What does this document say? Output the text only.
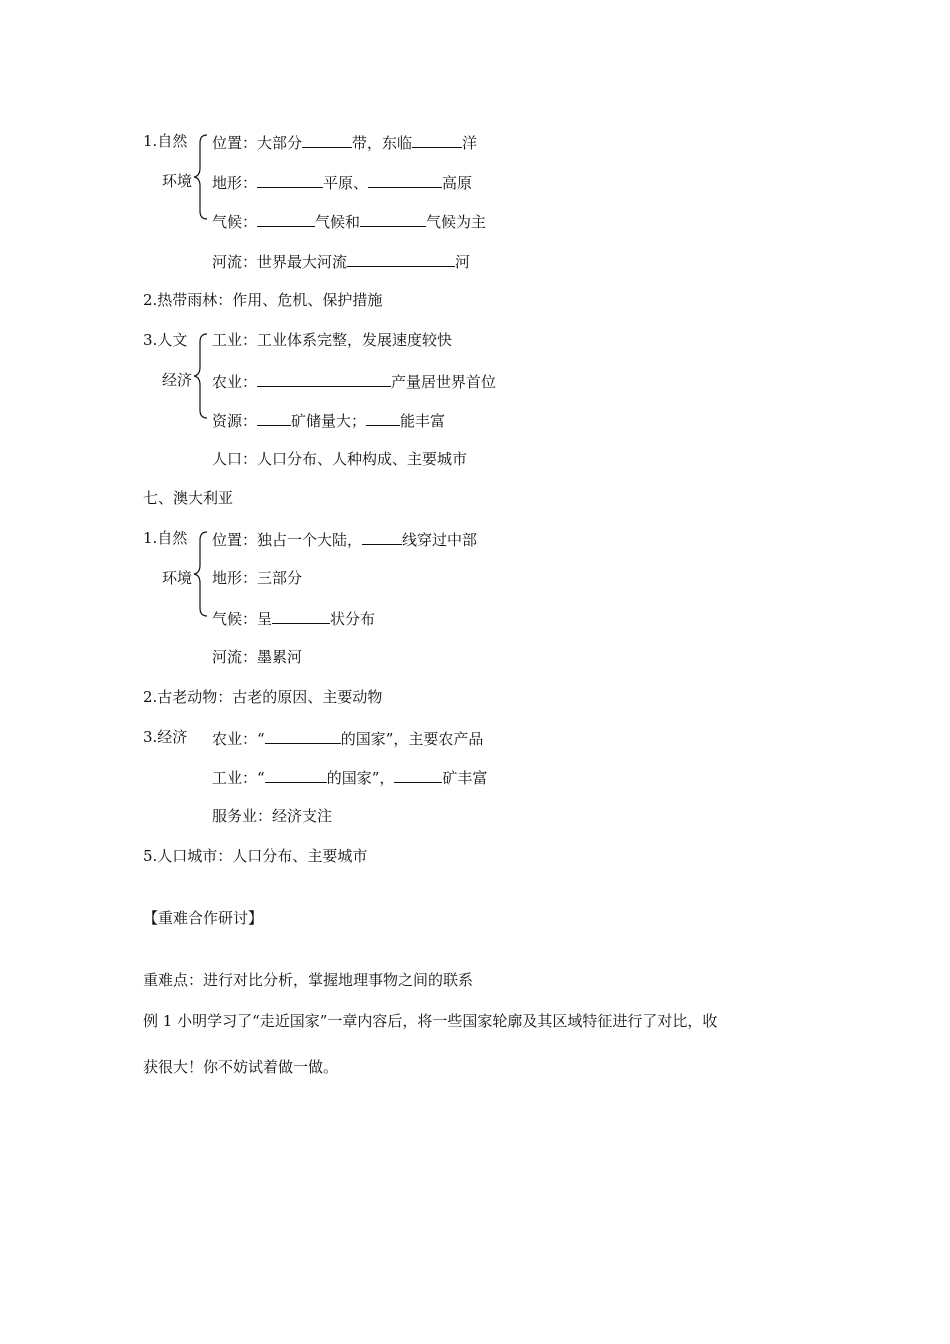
1.自然
环境
位置：大部分	带，东临	洋
地形：	平原、	高原
气候：	气候和	气候为主
河流：世界最大河流	河
2.热带雨林：作用、危机、保护措施
3.人文
经济
工业：工业体系完整，发展速度较快
农业：	产量居世界首位
资源： 矿储量大； 能丰富
人口：人口分布、人种构成、主要城市
七、澳大利亚
1.自然
环境
位置：独占一个大陆，	线穿过中部
地形：三部分
气候：呈	状分布
河流：墨累河
2.古老动物：古老的原因、主要动物
3.经济 农业：“	的国家”，主要农产品
工业：“	的国家”，	矿丰富
服务业：经济支注
5.人口城市：人口分布、主要城市
【重难合作研讨】
重难点：进行对比分析，掌握地理事物之间的联系
例 1 小明学习了“走近国家”一章内容后，将一些国家轮廓及其区域特征进行了对比，收
获很大！你不妨试着做一做。
